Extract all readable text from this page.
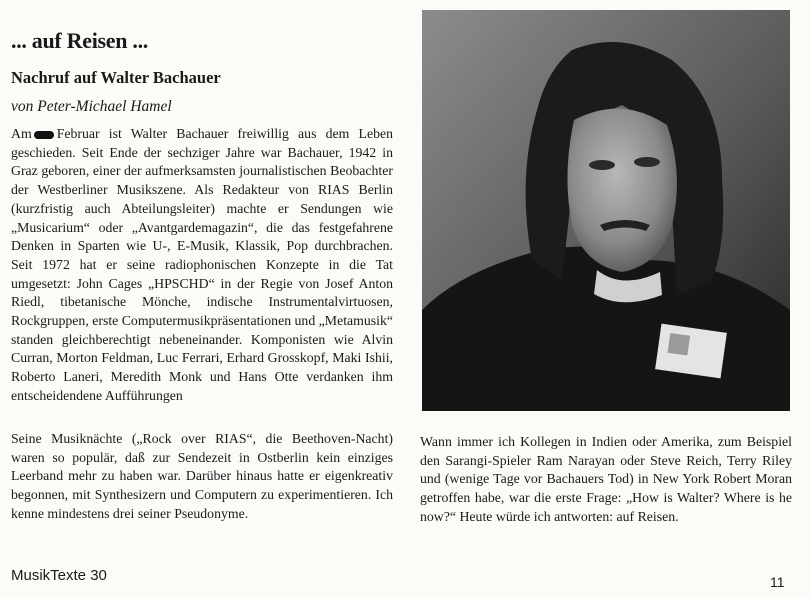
... auf Reisen ...
Nachruf auf Walter Bachauer

von Peter-Michael Hamel

Am Februar ist Walter Bachauer freiwillig aus dem Leben geschieden. Seit Ende der sechziger Jahre war Bachauer, 1942 in Graz geboren, einer der aufmerksamsten journalistischen Beobachter der Westberliner Musikszene. Als Redakteur von RIAS Berlin (kurzfristig auch Abteilungsleiter) machte er Sendungen wie „Musicarium“ oder „Avantgardemagazin“, die das festgefahrene Denken in Sparten wie U-, E-Musik, Klassik, Pop durchbrachen. Seit 1972 hat er seine radiophonischen Konzepte in die Tat umgesetzt: John Cages „HPSCHD“ in der Regie von Josef Anton Riedl, tibetanische Mönche, indische Instrumentalvirtuosen, Rockgruppen, erste Computermusikpräsentationen und „Metamusik“ standen gleichberechtigt nebeneinander. Komponisten wie Alvin Curran, Morton Feldman, Luc Ferrari, Erhard Grosskopf, Maki Ishii, Roberto Laneri, Meredith Monk und Hans Otte verdanken ihm entscheidendene Aufführungen

Seine Musiknächte („Rock over RIAS“, die Beethoven-Nacht) waren so populär, daß zur Sendezeit in Ostberlin kein einziges Leerband mehr zu haben war. Darüber hinaus hatte er eigenkreativ begonnen, mit Synthesizern und Computern zu experimentieren. Ich kenne mindestens drei seiner Pseudonyme.

Wann immer ich Kollegen in Indien oder Amerika, zum Beispiel den Sarangi-Spieler Ram Narayan oder Steve Reich, Terry Riley und (wenige Tage vor Bachauers Tod) in New York Robert Moran getroffen habe, war die erste Frage: „How is Walter? Where is he now?“ Heute würde ich antworten: auf Reisen.

MusikTexte 30	11
